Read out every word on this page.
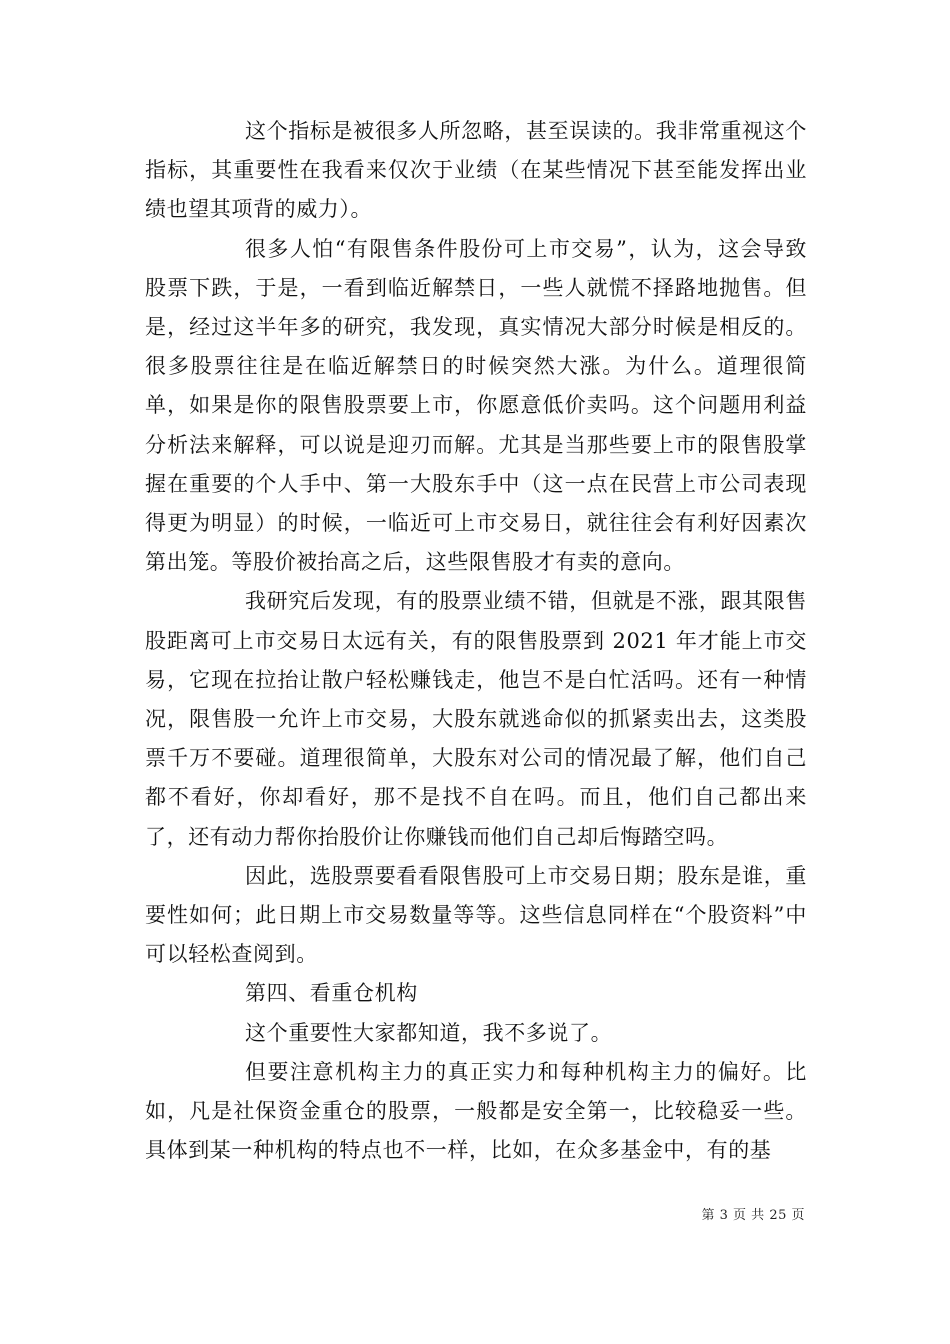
这个指标是被很多人所忽略，甚至误读的。我非常重视这个指标，其重要性在我看来仅次于业绩（在某些情况下甚至能发挥出业绩也望其项背的威力）。

很多人怕“有限售条件股份可上市交易”，认为，这会导致股票下跌，于是，一看到临近解禁日，一些人就慌不择路地抛售。但是，经过这半年多的研究，我发现，真实情况大部分时候是相反的。很多股票往往是在临近解禁日的时候突然大涨。为什么。道理很简单，如果是你的限售股票要上市，你愿意低价卖吗。这个问题用利益分析法来解释，可以说是迎刃而解。尤其是当那些要上市的限售股掌握在重要的个人手中、第一大股东手中（这一点在民营上市公司表现得更为明显）的时候，一临近可上市交易日，就往往会有利好因素次第出笼。等股价被抬高之后，这些限售股才有卖的意向。

我研究后发现，有的股票业绩不错，但就是不涨，跟其限售股距离可上市交易日太远有关，有的限售股票到 2021 年才能上市交易，它现在拉抬让散户轻松赚钱走，他岂不是白忙活吗。还有一种情况，限售股一允许上市交易，大股东就逃命似的抓紧卖出去，这类股票千万不要碰。道理很简单，大股东对公司的情况最了解，他们自己都不看好，你却看好，那不是找不自在吗。而且，他们自己都出来了，还有动力帮你抬股价让你赚钱而他们自己却后悔踏空吗。

因此，选股票要看看限售股可上市交易日期；股东是谁，重要性如何；此日期上市交易数量等等。这些信息同样在“个股资料”中可以轻松查阅到。

第四、看重仓机构

这个重要性大家都知道，我不多说了。

但要注意机构主力的真正实力和每种机构主力的偏好。比如，凡是社保资金重仓的股票，一般都是安全第一，比较稳妥一些。具体到某一种机构的特点也不一样，比如，在众多基金中，有的基

第 3 页 共 25 页
